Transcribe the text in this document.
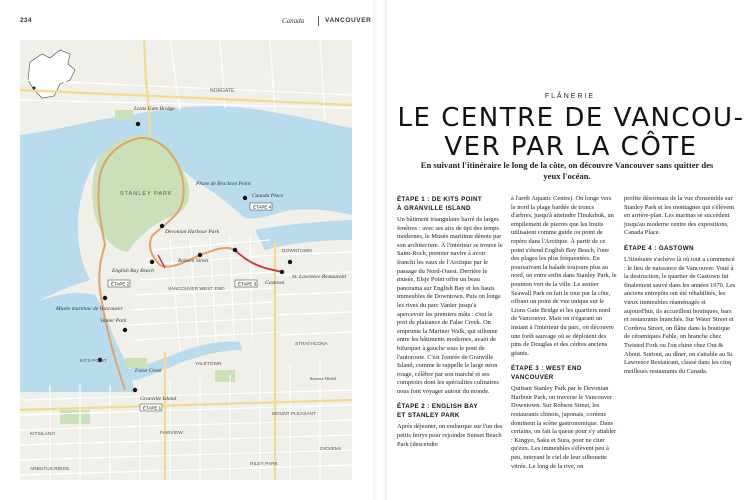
234	Canada	VANCOUVER
Lions Gate Bridge
NORGATE
STANLEY PARK
Phare de Brockton Point
Canada Place
Devonian Harbour Park
Robson Street
English Bay Beach
VANCOUVER WEST END
DOWNTOWN
Gastown
St. Lawrence Restaurant
Musée maritime de Vancouver
Vanier Park
KITS POINT
Granville Island
YALETOWN
FAIRVIEW
KITSILANO
STRATHCONA
MOUNT PLEASANT
ARBUTUS RIDGE
RILEY PARK
DICKENS
False Creek
Science World
ÉTAPE 4
ÉTAPE 3
ÉTAPE 2
ÉTAPE 1
FLÂNERIE
LE CENTRE DE VANCOU-
VER PAR LA CÔTE

En suivant l'itinéraire le long de la côte, on découvre Vancouver sans quitter des yeux l'océan.

ÉTAPE 1 : DE KITS POINT
À GRANVILLE ISLAND

Un bâtiment triangulaire barré de larges fenêtres : avec ses airs de tipi des temps modernes, le Musée maritime dénote par son architecture. À l'intérieur se trouve le Saint-Roch, premier navire à avoir franchi les eaux de l'Arctique par le passage du Nord-Ouest. Derrière le musée, Elsje Point offre un beau panorama sur English Bay et les hauts immeubles de Downtown. Puis on longe les rives du parc Vanier jusqu'à apercevoir les premiers mâts : c'est le port de plaisance de False Creek. On emprunte la Mariner Walk, qui sillonne entre les bâtiments modernes, avant de bifurquer à gauche sous le pont de l'autoroute. C'est l'entrée de Granville Island, comme le rappelle le large néon rouge, célèbre par son marché et ses comptoirs dont les spécialités culinaires nous font voyager autour du monde.

ÉTAPE 2 : ENGLISH BAY
ET STANLEY PARK

Après déjeuner, on embarque sur l'un des petits ferrys pour rejoindre Sunset Beach Park (descendre

à l'arrêt Aquatic Centre). On longe vers le nord la plage bardée de troncs d'arbres, jusqu'à atteindre l'Inukshuk, un empilement de pierres que les Inuits utilisaient comme guide ou point de repère dans l'Arctique. À partir de ce point s'étend English Bay Beach, l'une des plages les plus fréquentées. En poursuivant la balade toujours plus au nord, on entre enfin dans Stanley Park, le poumon vert de la ville. Le sentier Seawall Park en fait le tour par la côte, offrant un point de vue unique sur le Lions Gate Bridge et les quartiers nord de Vancouver. Mais on n'égarant un instant à l'intérieur du parc, on découvre une forêt sauvage où se déploient des pins de Douglas et des cèdres anciens géants.

ÉTAPE 3 : WEST END VANCOUVER

Quittant Stanley Park par le Devonian Harbour Park, on traverse le Vancouver Downtown. Sur Robson Street, les restaurants chinois, japonais, coréens dominent la scène gastronomique. Dans certains, on fait la queue pour s'y attabler : Kingyo, Saku et Sura, pour ne citer qu'eux. Les immeubles s'élèvent peu à peu, tutoyant le ciel de leur silhouette vitrée. Le long de la rive, on

profite désormais de la vue d'ensemble sur Stanley Park et les montagnes qui s'élèvent en arrière-plan. Les marinas se succèdent jusqu'au moderne centre des expositions, Canada Place.

ÉTAPE 4 : GASTOWN

L'itinéraire s'achève là où tout a commencé : le lieu de naissance de Vancouver. Voué à la destruction, le quartier de Gastown fut finalement sauvé dans les années 1970. Les anciens entrepôts ont été réhabilités, les vieux immeubles réaménagés et aujourd'hui, ils accueillent boutiques, bars et restaurants branchés. Sur Water Street et Cordova Street, on flâne dans la boutique de céramiques Fable, on branche chez Twisted Fork ou l'on chine chez Out & About. Surtout, au dîner, on s'attable au St. Lawrence Restaurant, classé dans les cinq meilleurs restaurants du Canada.
